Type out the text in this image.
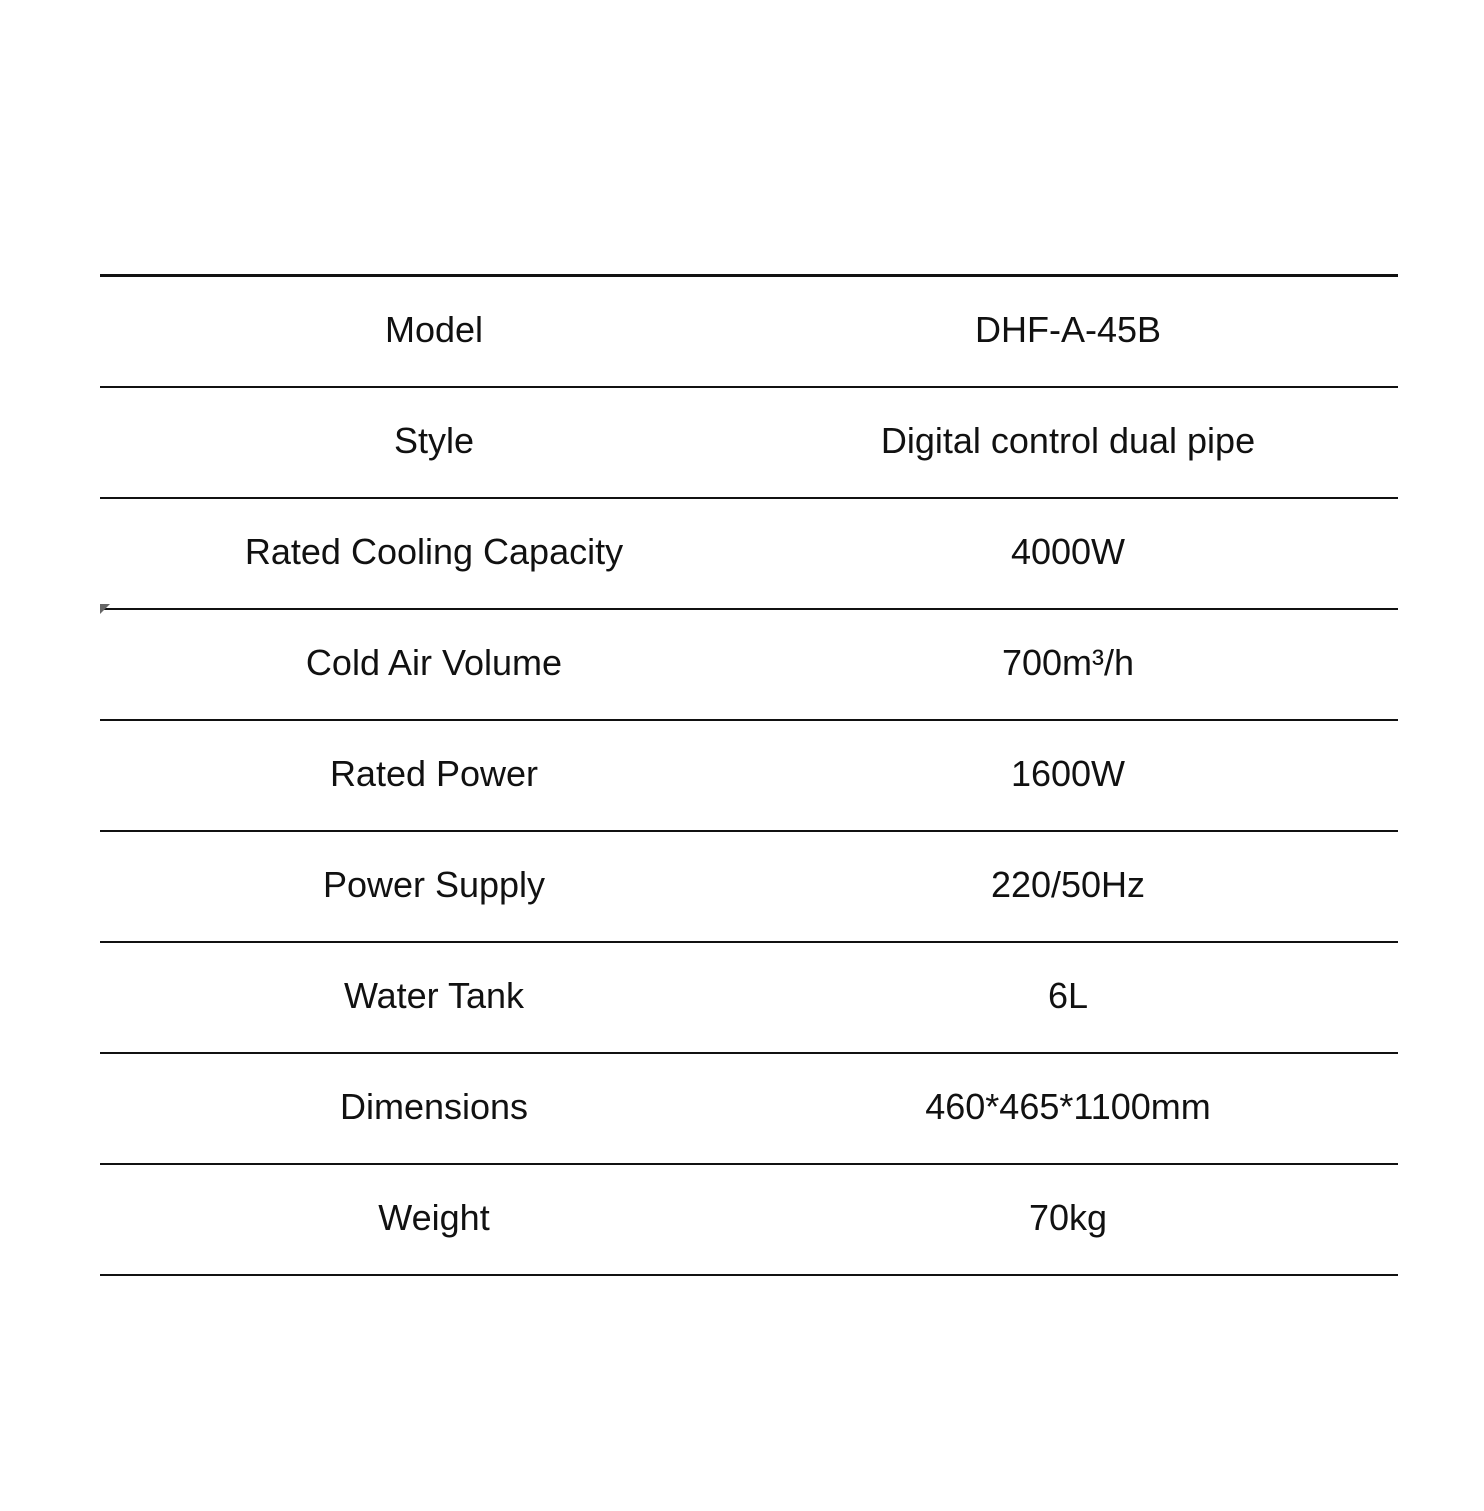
Model	DHF-A-45B
Style	Digital control dual pipe
Rated Cooling Capacity	4000W
Cold Air Volume	700m³/h
Rated Power	1600W
Power Supply	220/50Hz
Water Tank	6L
Dimensions	460*465*1100mm
Weight	70kg
